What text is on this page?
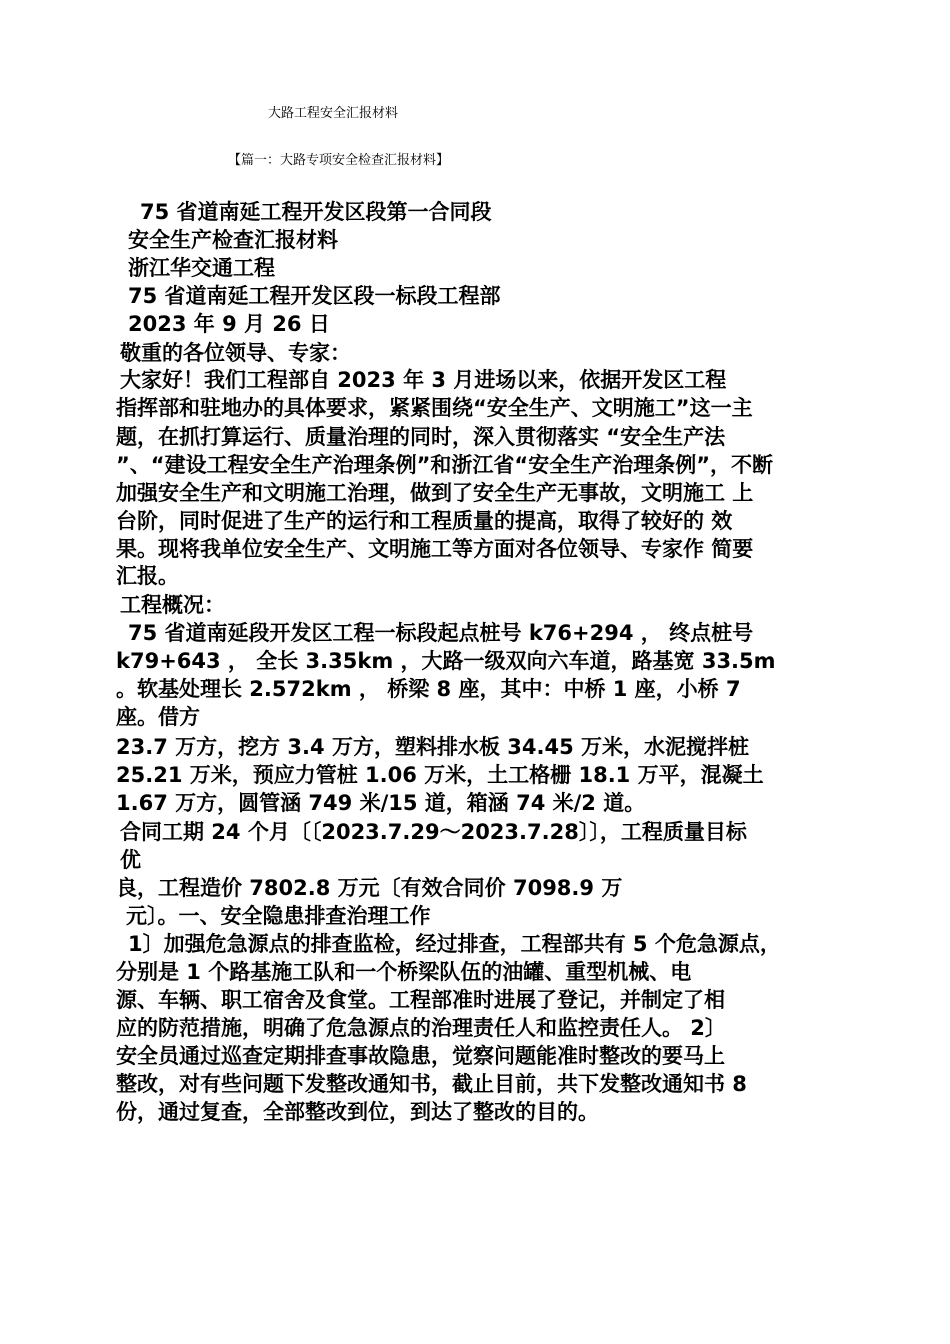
大路工程安全汇报材料
【篇一：大路专项安全检查汇报材料】
75 省道南延工程开发区段第一合同段
安全生产检查汇报材料
浙江华交通工程
75 省道南延工程开发区段一标段工程部
2023 年 9 月 26 日
敬重的各位领导、专家：
大家好！我们工程部自 2023 年 3 月进场以来，依据开发区工程
指挥部和驻地办的具体要求，紧紧围绕“安全生产、文明施工”这一主
题，在抓打算运行、质量治理的同时，深入贯彻落实 “安全生产法
”、“建设工程安全生产治理条例”和浙江省“安全生产治理条例”，不断
加强安全生产和文明施工治理，做到了安全生产无事故，文明施工 上
台阶，同时促进了生产的运行和工程质量的提高，取得了较好的 效
果。现将我单位安全生产、文明施工等方面对各位领导、专家作 简要
汇报。
工程概况：
75 省道南延段开发区工程一标段起点桩号 k76+294 ， 终点桩号
k79+643 ， 全长 3.35km ，大路一级双向六车道，路基宽 33.5m
。软基处理长 2.572km ， 桥梁 8 座，其中：中桥 1 座，小桥 7
座。借方
23.7 万方，挖方 3.4 万方，塑料排水板 34.45 万米，水泥搅拌桩
25.21 万米，预应力管桩 1.06 万米，土工格栅 18.1 万平，混凝土
1.67 万方，圆管涵 749 米/15 道，箱涵 74 米/2 道。
合同工期 24 个月〔〔2023.7.29～2023.7.28〕〕，工程质量目标
优
良，工程造价 7802.8 万元〔有效合同价 7098.9 万
元〕。一、安全隐患排查治理工作
1〕加强危急源点的排查监检，经过排查，工程部共有 5 个危急源点，
分别是 1 个路基施工队和一个桥梁队伍的油罐、重型机械、电
源、车辆、职工宿舍及食堂。工程部准时进展了登记，并制定了相
应的防范措施，明确了危急源点的治理责任人和监控责任人。 2〕
安全员通过巡查定期排查事故隐患，觉察问题能准时整改的要马上
整改，对有些问题下发整改通知书，截止目前，共下发整改通知书 8
份，通过复查，全部整改到位，到达了整改的目的。
